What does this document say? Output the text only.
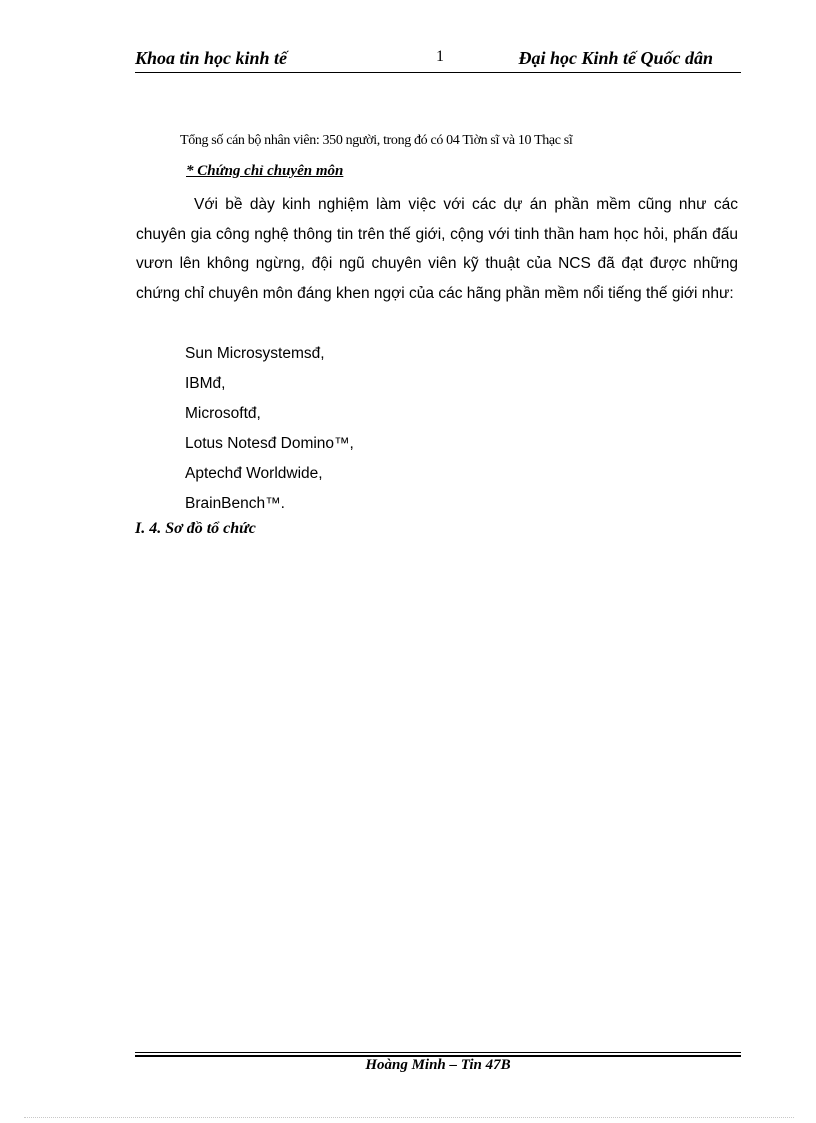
Khoa tin học kinh tế	1	Đại học Kinh tế Quốc dân
Tổng số cán bộ nhân viên: 350 người, trong đó có 04 Tiờn sĩ và 10 Thạc sĩ
* Chứng chỉ chuyên môn
Với bề dày kinh nghiệm làm việc với các dự án phần mềm cũng như các chuyên gia công nghệ thông tin trên thế giới, cộng với tinh thần ham học hỏi, phấn đấu vươn lên không ngừng, đội ngũ chuyên viên kỹ thuật của NCS đã đạt được những chứng chỉ chuyên môn đáng khen ngợi của các hãng phần mềm nổi tiếng thế giới như:
Sun Microsystemsđ,
IBMđ,
Microsoftđ,
Lotus Notesđ Domino™,
Aptechđ Worldwide,
BrainBench™.
I. 4. Sơ đồ tổ chức
Hoàng Minh – Tin 47B
